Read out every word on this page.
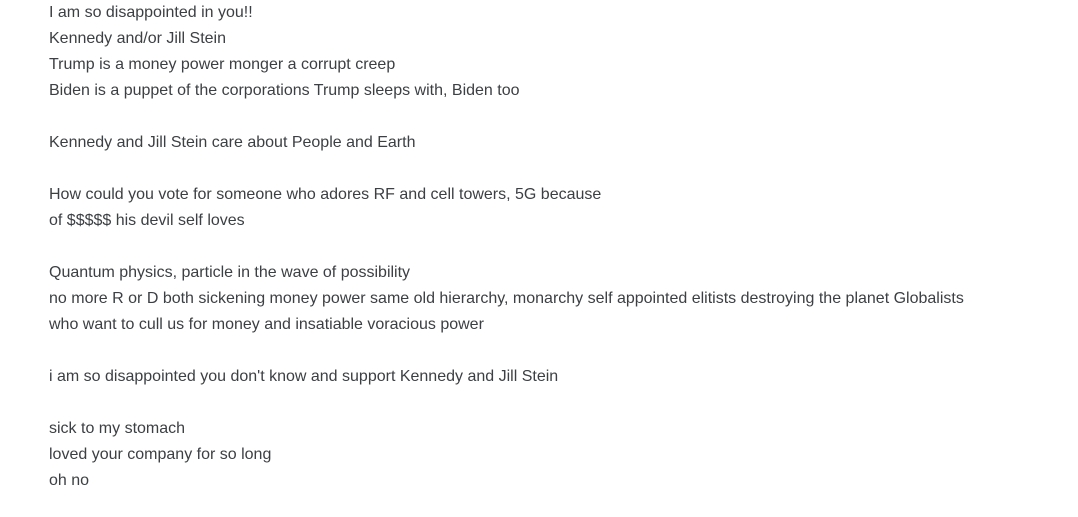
I am so disappointed in you!!
Kennedy and/or Jill Stein
Trump is a money power monger a corrupt creep
Biden is a puppet of the corporations Trump sleeps with, Biden too
Kennedy and Jill Stein care about People and Earth
How could you vote for someone who adores RF and cell towers, 5G because
of $$$$$ his devil self loves
Quantum physics, particle in the wave of possibility
no more R or D both sickening money power same old hierarchy, monarchy self appointed elitists destroying the planet Globalists
who want to cull us for money and insatiable voracious power
i am so disappointed you don't know and support Kennedy and Jill Stein
sick to my stomach
loved your company for so long
oh no
